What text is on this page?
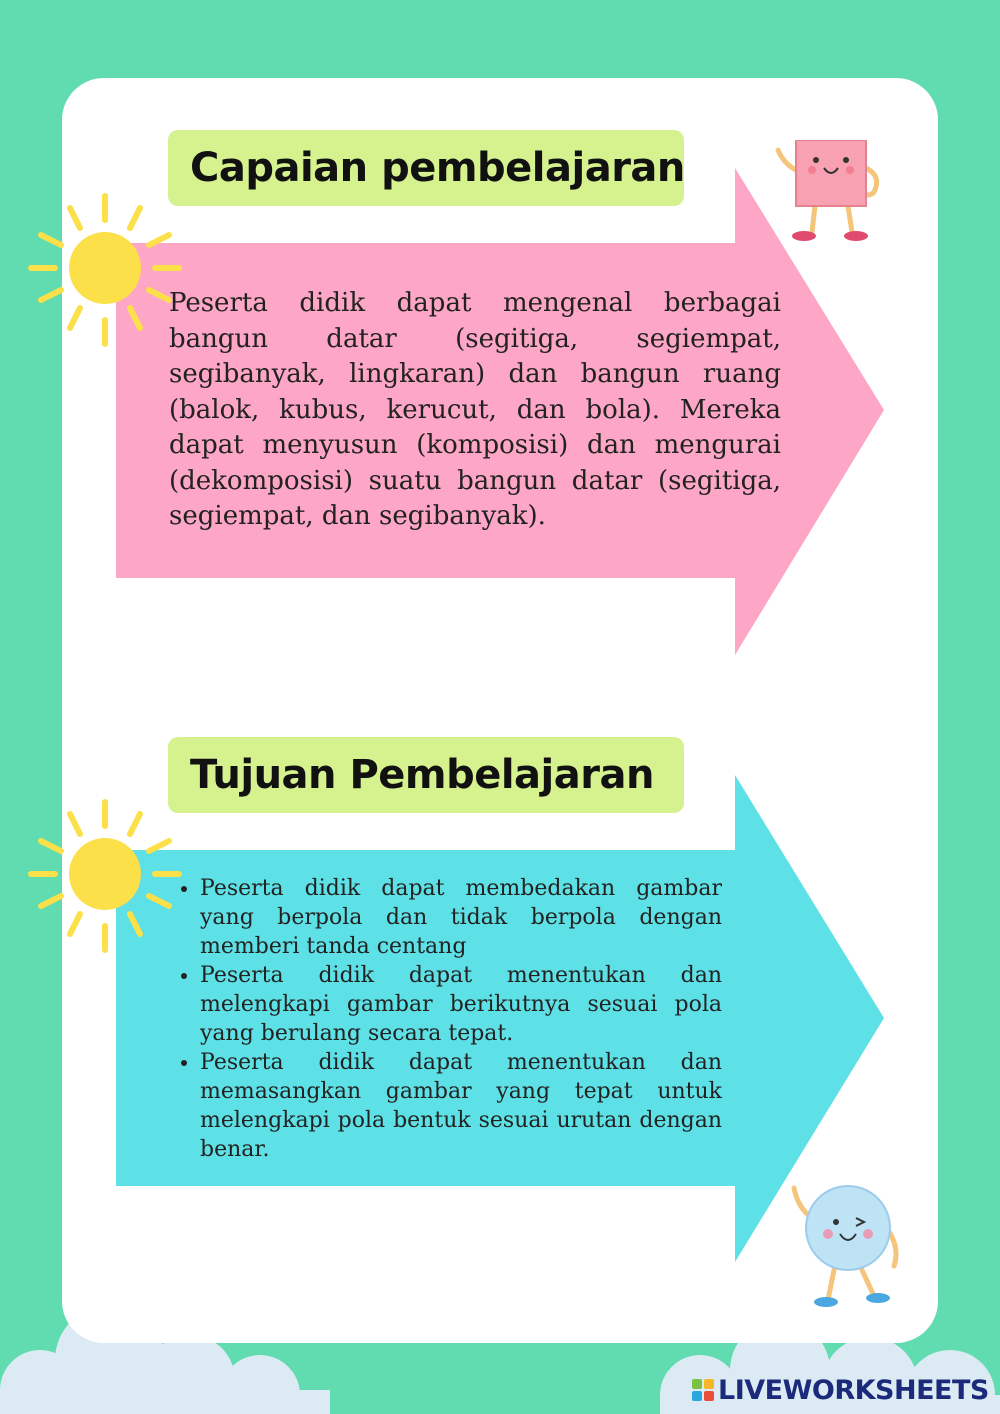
Capaian pembelajaran

Peserta didik dapat mengenal berbagai bangun datar (segitiga, segiempat, segibanyak, lingkaran) dan bangun ruang (balok, kubus, kerucut, dan bola). Mereka dapat menyusun (komposisi) dan mengurai (dekomposisi) suatu bangun datar (segitiga, segiempat, dan segibanyak).

Tujuan Pembelajaran
• Peserta didik dapat membedakan gambar yang berpola dan tidak berpola dengan memberi tanda centang
• Peserta didik dapat menentukan dan melengkapi gambar berikutnya sesuai pola yang berulang secara tepat.
• Peserta didik dapat menentukan dan memasangkan gambar yang tepat untuk melengkapi pola bentuk sesuai urutan dengan benar.
LIVEWORKSHEETS
